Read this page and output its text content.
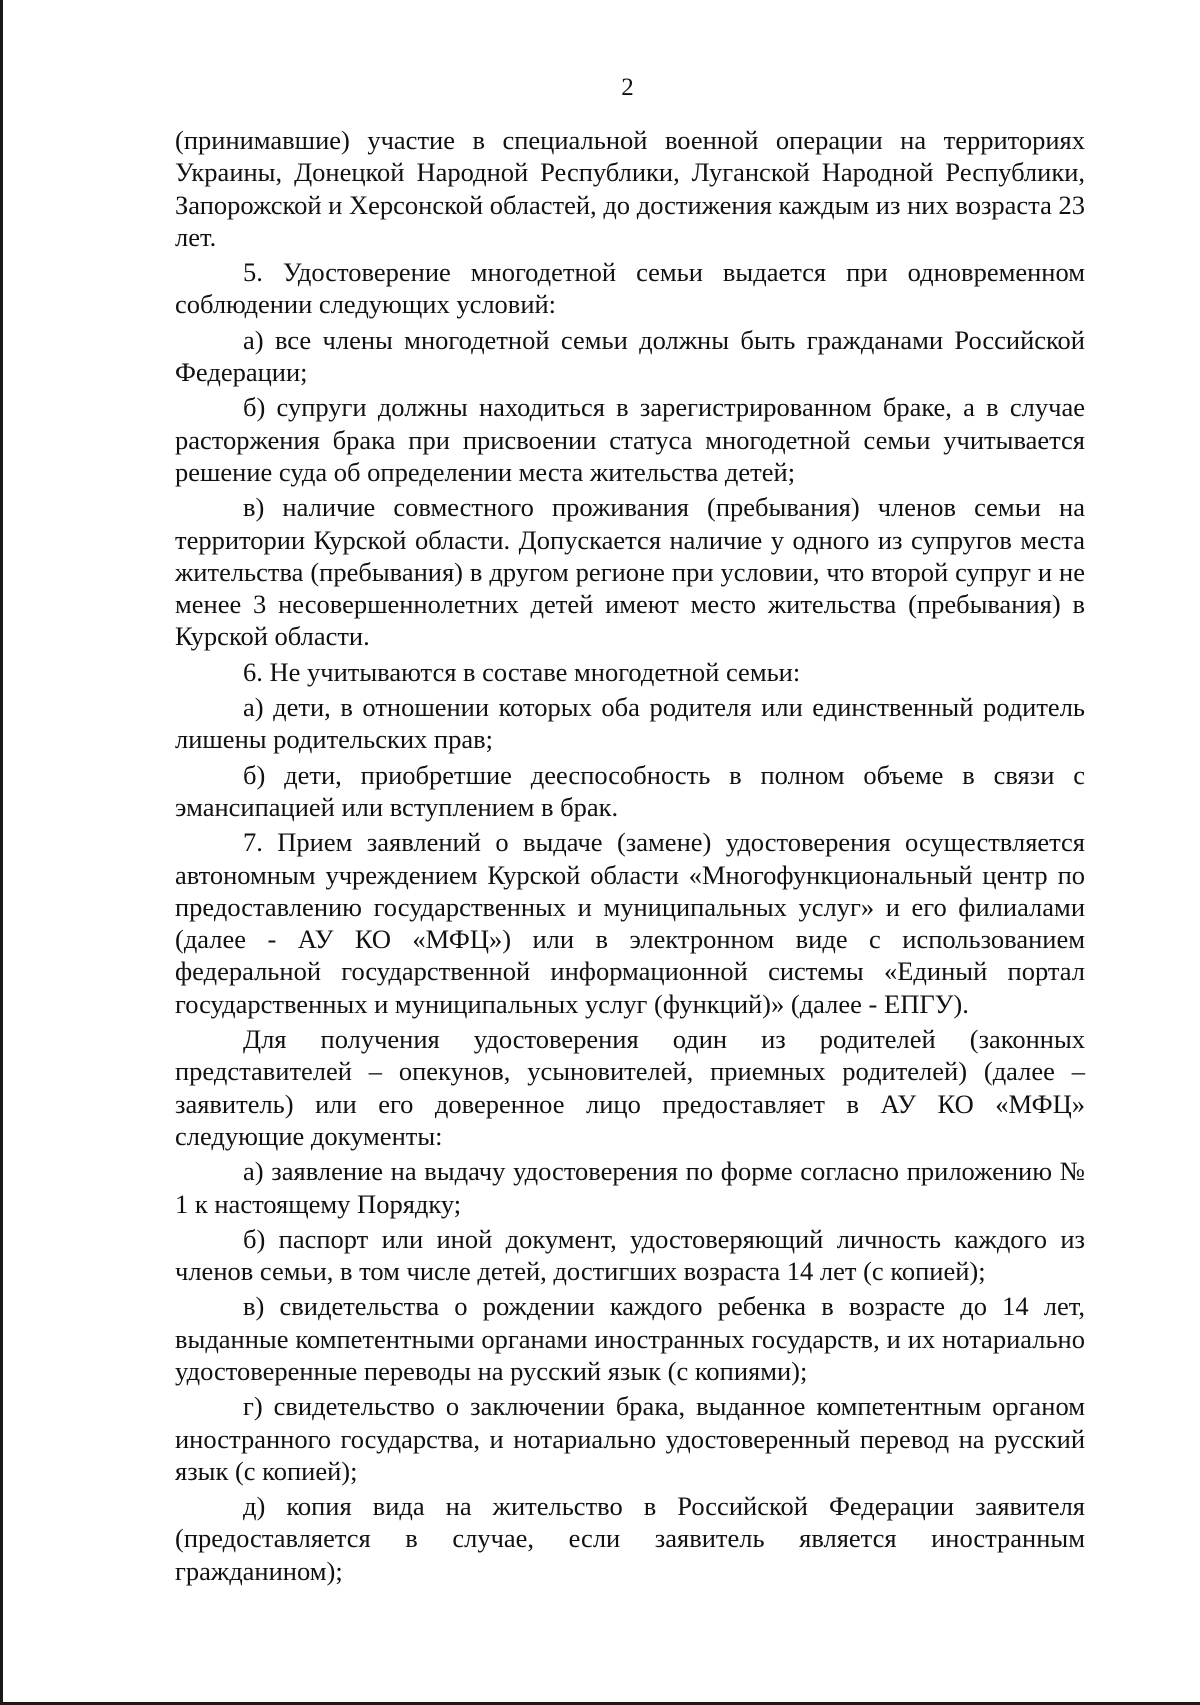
2

(принимавшие) участие в специальной военной операции на территориях Украины, Донецкой Народной Республики, Луганской Народной Республики, Запорожской и Херсонской областей, до достижения каждым из них возраста 23 лет.

5. Удостоверение многодетной семьи выдается при одновременном соблюдении следующих условий:

а) все члены многодетной семьи должны быть гражданами Российской Федерации;

б) супруги должны находиться в зарегистрированном браке, а в случае расторжения брака при присвоении статуса многодетной семьи учитывается решение суда об определении места жительства детей;

в) наличие совместного проживания (пребывания) членов семьи на территории Курской области. Допускается наличие у одного из супругов места жительства (пребывания) в другом регионе при условии, что второй супруг и не менее 3 несовершеннолетних детей имеют место жительства (пребывания) в Курской области.

6. Не учитываются в составе многодетной семьи:

а) дети, в отношении которых оба родителя или единственный родитель лишены родительских прав;

б) дети, приобретшие дееспособность в полном объеме в связи с эмансипацией или вступлением в брак.

7. Прием заявлений о выдаче (замене) удостоверения осуществляется автономным учреждением Курской области «Многофункциональный центр по предоставлению государственных и муниципальных услуг» и его филиалами (далее - АУ КО «МФЦ») или в электронном виде с использованием федеральной государственной информационной системы «Единый портал государственных и муниципальных услуг (функций)» (далее - ЕПГУ).

Для получения удостоверения один из родителей (законных представителей – опекунов, усыновителей, приемных родителей) (далее – заявитель) или его доверенное лицо предоставляет в АУ КО «МФЦ» следующие документы:

а) заявление на выдачу удостоверения по форме согласно приложению № 1 к настоящему Порядку;

б) паспорт или иной документ, удостоверяющий личность каждого из членов семьи, в том числе детей, достигших возраста 14 лет (с копией);

в) свидетельства о рождении каждого ребенка в возрасте до 14 лет, выданные компетентными органами иностранных государств, и их нотариально удостоверенные переводы на русский язык (с копиями);

г) свидетельство о заключении брака, выданное компетентным органом иностранного государства, и нотариально удостоверенный перевод на русский язык (с копией);

д) копия вида на жительство в Российской Федерации заявителя (предоставляется в случае, если заявитель является иностранным гражданином);
